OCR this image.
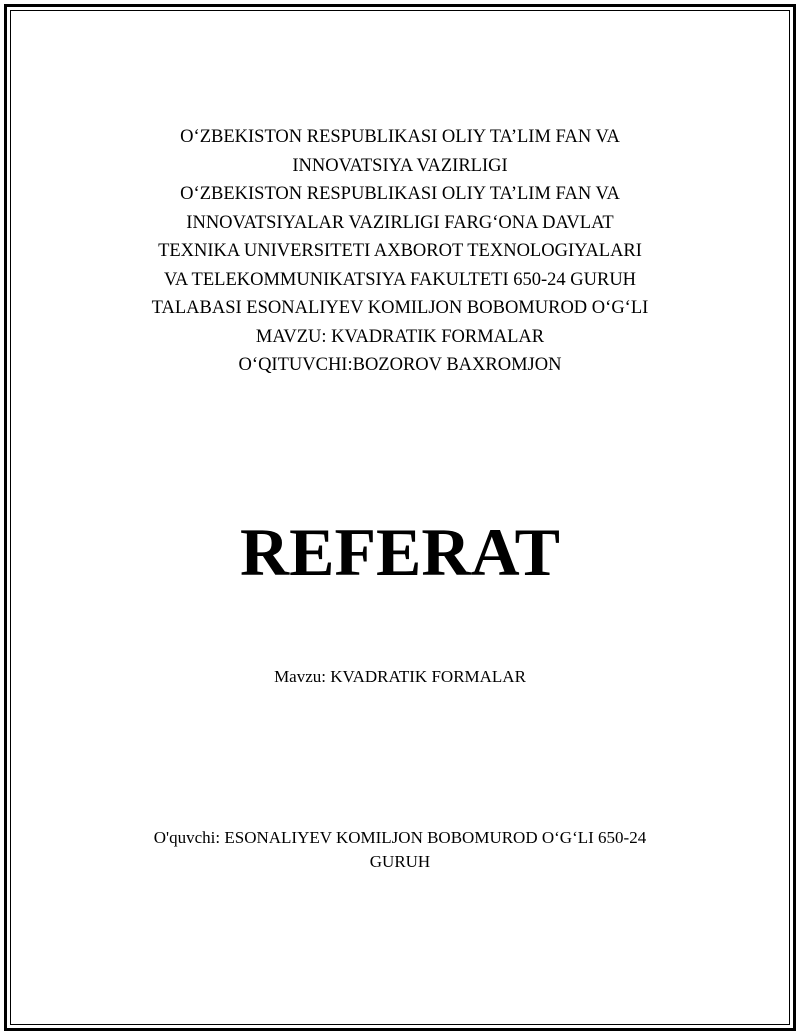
O‘ZBEKISTON RESPUBLIKASI OLIY TA’LIM FAN VA
INNOVATSIYA VAZIRLIGI
O‘ZBEKISTON RESPUBLIKASI OLIY TA’LIM FAN VA
INNOVATSIYALAR VAZIRLIGI FARG‘ONA DAVLAT
TEXNIKA UNIVERSITETI AXBOROT TEXNOLOGIYALARI
VA TELEKOMMUNIKATSIYA FAKULTETI 650-24 GURUH
TALABASI ESONALIYEV KOMILJON BOBOMUROD O‘G‘LI
MAVZU: KVADRATIK FORMALAR
O‘QITUVCHI:BOZOROV BAXROMJON
REFERAT
Mavzu: KVADRATIK FORMALAR
O'quvchi: ESONALIYEV KOMILJON BOBOMUROD O‘G‘LI 650-24
GURUH
